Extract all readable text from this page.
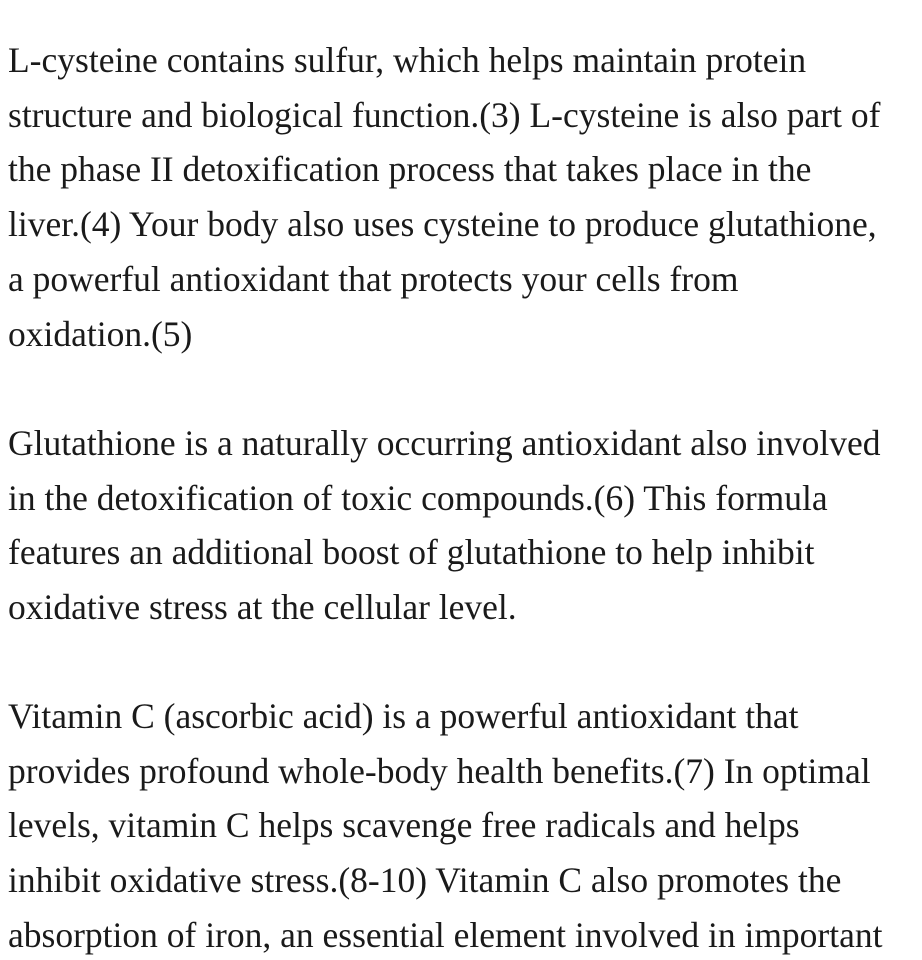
L-cysteine contains sulfur, which helps maintain protein
structure and biological function.(3) L-cysteine is also part of
the phase II detoxification process that takes place in the
liver.(4) Your body also uses cysteine to produce glutathione,
a powerful antioxidant that protects your cells from
oxidation.(5)

Glutathione is a naturally occurring antioxidant also involved
in the detoxification of toxic compounds.(6) This formula
features an additional boost of glutathione to help inhibit
oxidative stress at the cellular level.

Vitamin C (ascorbic acid) is a powerful antioxidant that
provides profound whole-body health benefits.(7) In optimal
levels, vitamin C helps scavenge free radicals and helps
inhibit oxidative stress.(8-10) Vitamin C also promotes the
absorption of iron, an essential element involved in important
